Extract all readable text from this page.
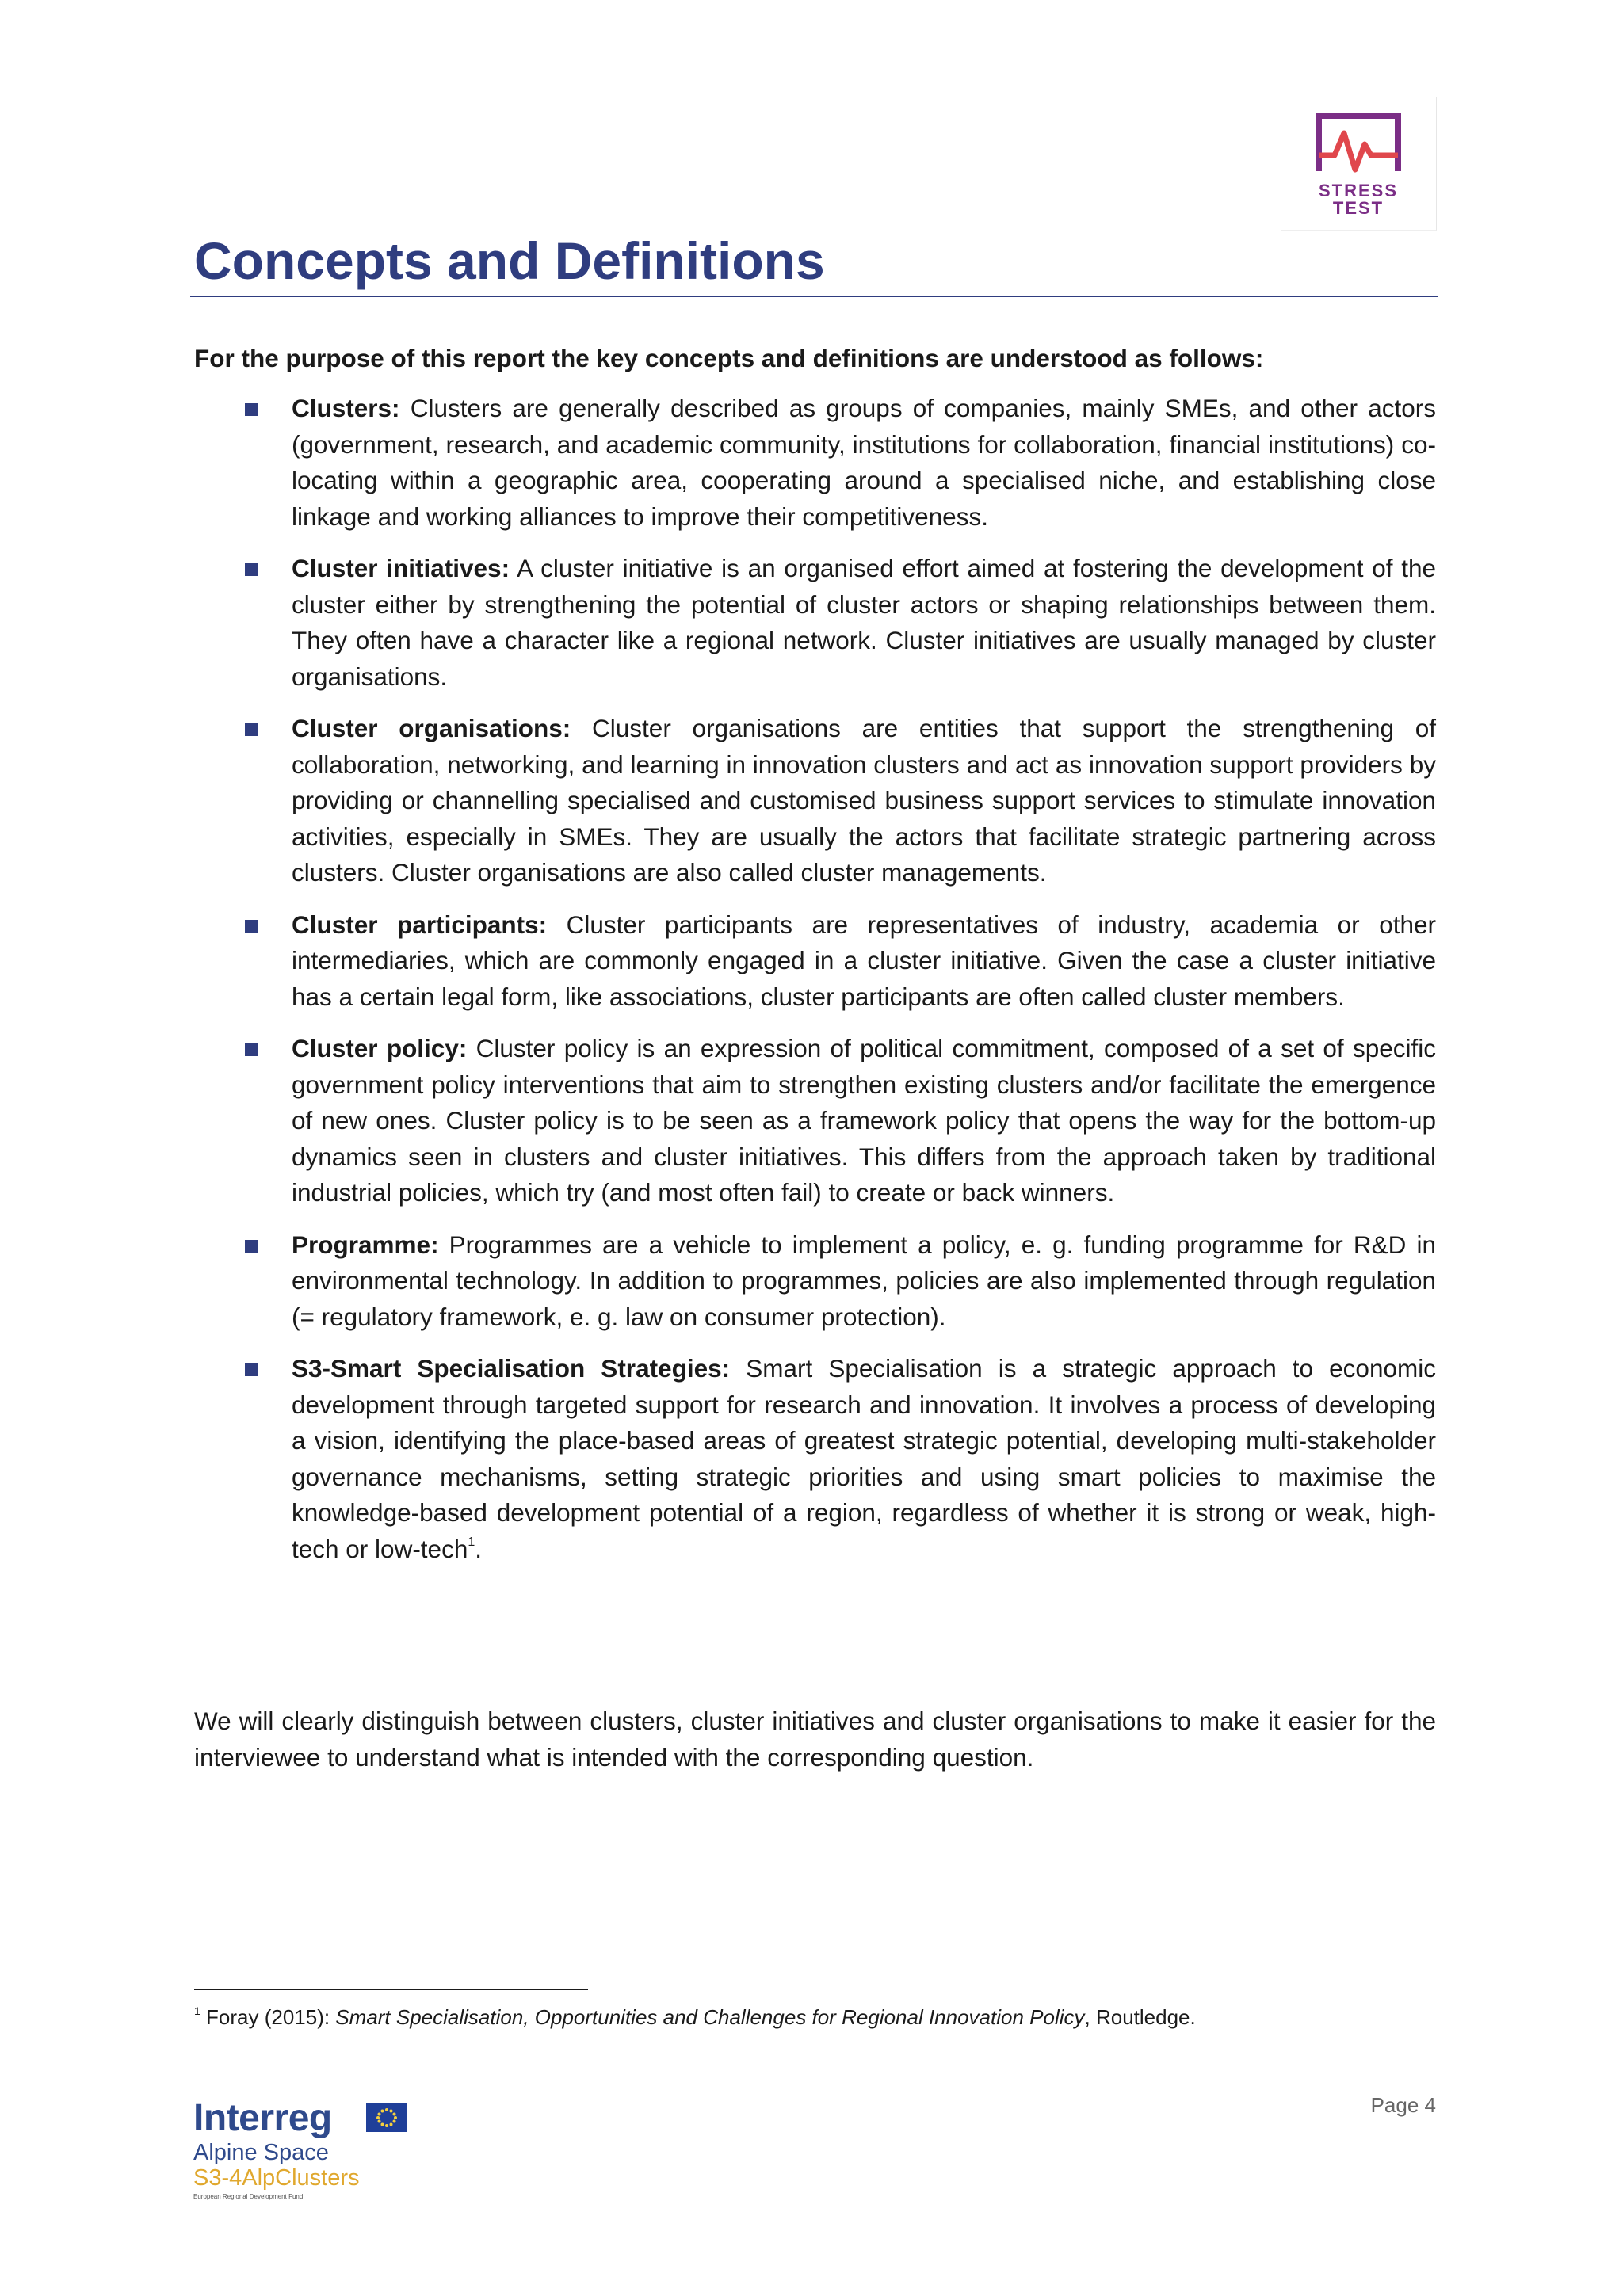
STRESS
TEST
Concepts and Definitions

For the purpose of this report the key concepts and definitions are understood as follows:

Clusters: Clusters are generally described as groups of companies, mainly SMEs, and other actors (government, research, and academic community, institutions for collaboration, financial institutions) co-locating within a geographic area, cooperating around a specialised niche, and establishing close linkage and working alliances to improve their competitiveness.
Cluster initiatives: A cluster initiative is an organised effort aimed at fostering the development of the cluster either by strengthening the potential of cluster actors or shaping relationships between them. They often have a character like a regional network. Cluster initiatives are usually managed by cluster organisations.
Cluster organisations: Cluster organisations are entities that support the strengthening of collaboration, networking, and learning in innovation clusters and act as innovation support providers by providing or channelling specialised and customised business support services to stimulate innovation activities, especially in SMEs. They are usually the actors that facilitate strategic partnering across clusters. Cluster organisations are also called cluster managements.
Cluster participants: Cluster participants are representatives of industry, academia or other intermediaries, which are commonly engaged in a cluster initiative. Given the case a cluster initiative has a certain legal form, like associations, cluster participants are often called cluster members.
Cluster policy: Cluster policy is an expression of political commitment, composed of a set of specific government policy interventions that aim to strengthen existing clusters and/or facilitate the emergence of new ones. Cluster policy is to be seen as a framework policy that opens the way for the bottom-up dynamics seen in clusters and cluster initiatives. This differs from the approach taken by traditional industrial policies, which try (and most often fail) to create or back winners.
Programme: Programmes are a vehicle to implement a policy, e. g. funding programme for R&D in environmental technology. In addition to programmes, policies are also implemented through regulation (= regulatory framework, e. g. law on consumer protection).
S3-Smart Specialisation Strategies: Smart Specialisation is a strategic approach to economic development through targeted support for research and innovation. It involves a process of developing a vision, identifying the place-based areas of greatest strategic potential, developing multi-stakeholder governance mechanisms, setting strategic priorities and using smart policies to maximise the knowledge-based development potential of a region, regardless of whether it is strong or weak, high-tech or low-tech$^1$.

We will clearly distinguish between clusters, cluster initiatives and cluster organisations to make it easier for the interviewee to understand what is intended with the corresponding question.

$^1$ Foray (2015): Smart Specialisation, Opportunities and Challenges for Regional Innovation Policy, Routledge.

Page 4
Interreg
Alpine Space
S3-4AlpClusters
European Regional Development Fund
